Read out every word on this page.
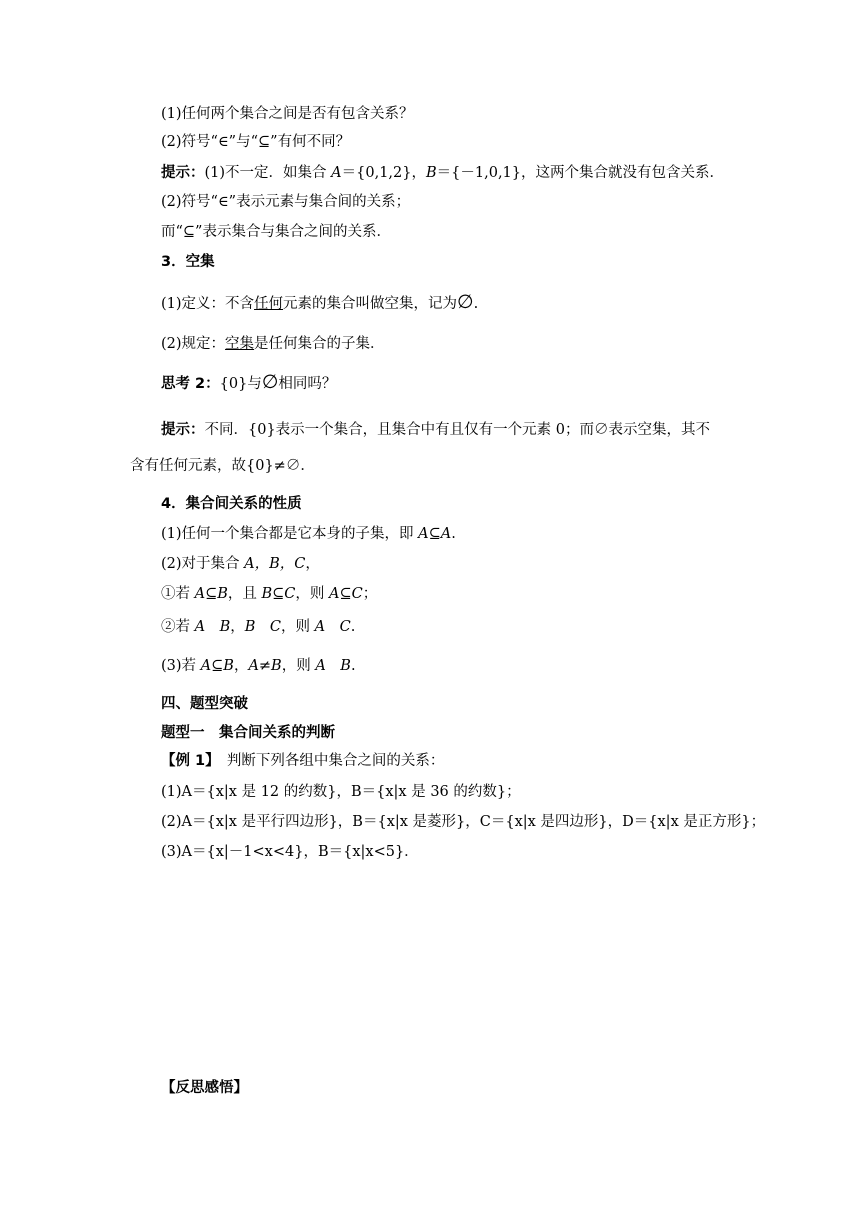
(1)任何两个集合之间是否有包含关系？
(2)符号“∈”与“⊆”有何不同？
提示：(1)不一定．如集合 A＝{0,1,2}，B＝{－1,0,1}，这两个集合就没有包含关系．
(2)符号“∈”表示元素与集合间的关系；
而“⊆”表示集合与集合之间的关系．
3．空集
(1)定义：不含任何元素的集合叫做空集，记为∅.
(2)规定：空集是任何集合的子集．
思考 2：{0}与∅相同吗？
提示：不同．{0}表示一个集合，且集合中有且仅有一个元素 0；而∅表示空集，其不
含有任何元素，故{0}≠∅．
4．集合间关系的性质
(1)任何一个集合都是它本身的子集，即 A⊆A.
(2)对于集合 A，B，C，
①若 A⊆B，且 B⊆C，则 A⊆C；
②若 A　B，B　C，则 A　C.
(3)若 A⊆B，A≠B，则 A　B.
四、题型突破
题型一　集合间关系的判断
【例 1】　判断下列各组中集合之间的关系：
(1)A＝{x|x 是 12 的约数}，B＝{x|x 是 36 的约数}；
(2)A＝{x|x 是平行四边形}，B＝{x|x 是菱形}，C＝{x|x 是四边形}，D＝{x|x 是正方形}；
(3)A＝{x|－1<x<4}，B＝{x|x<5}．
【反思感悟】
